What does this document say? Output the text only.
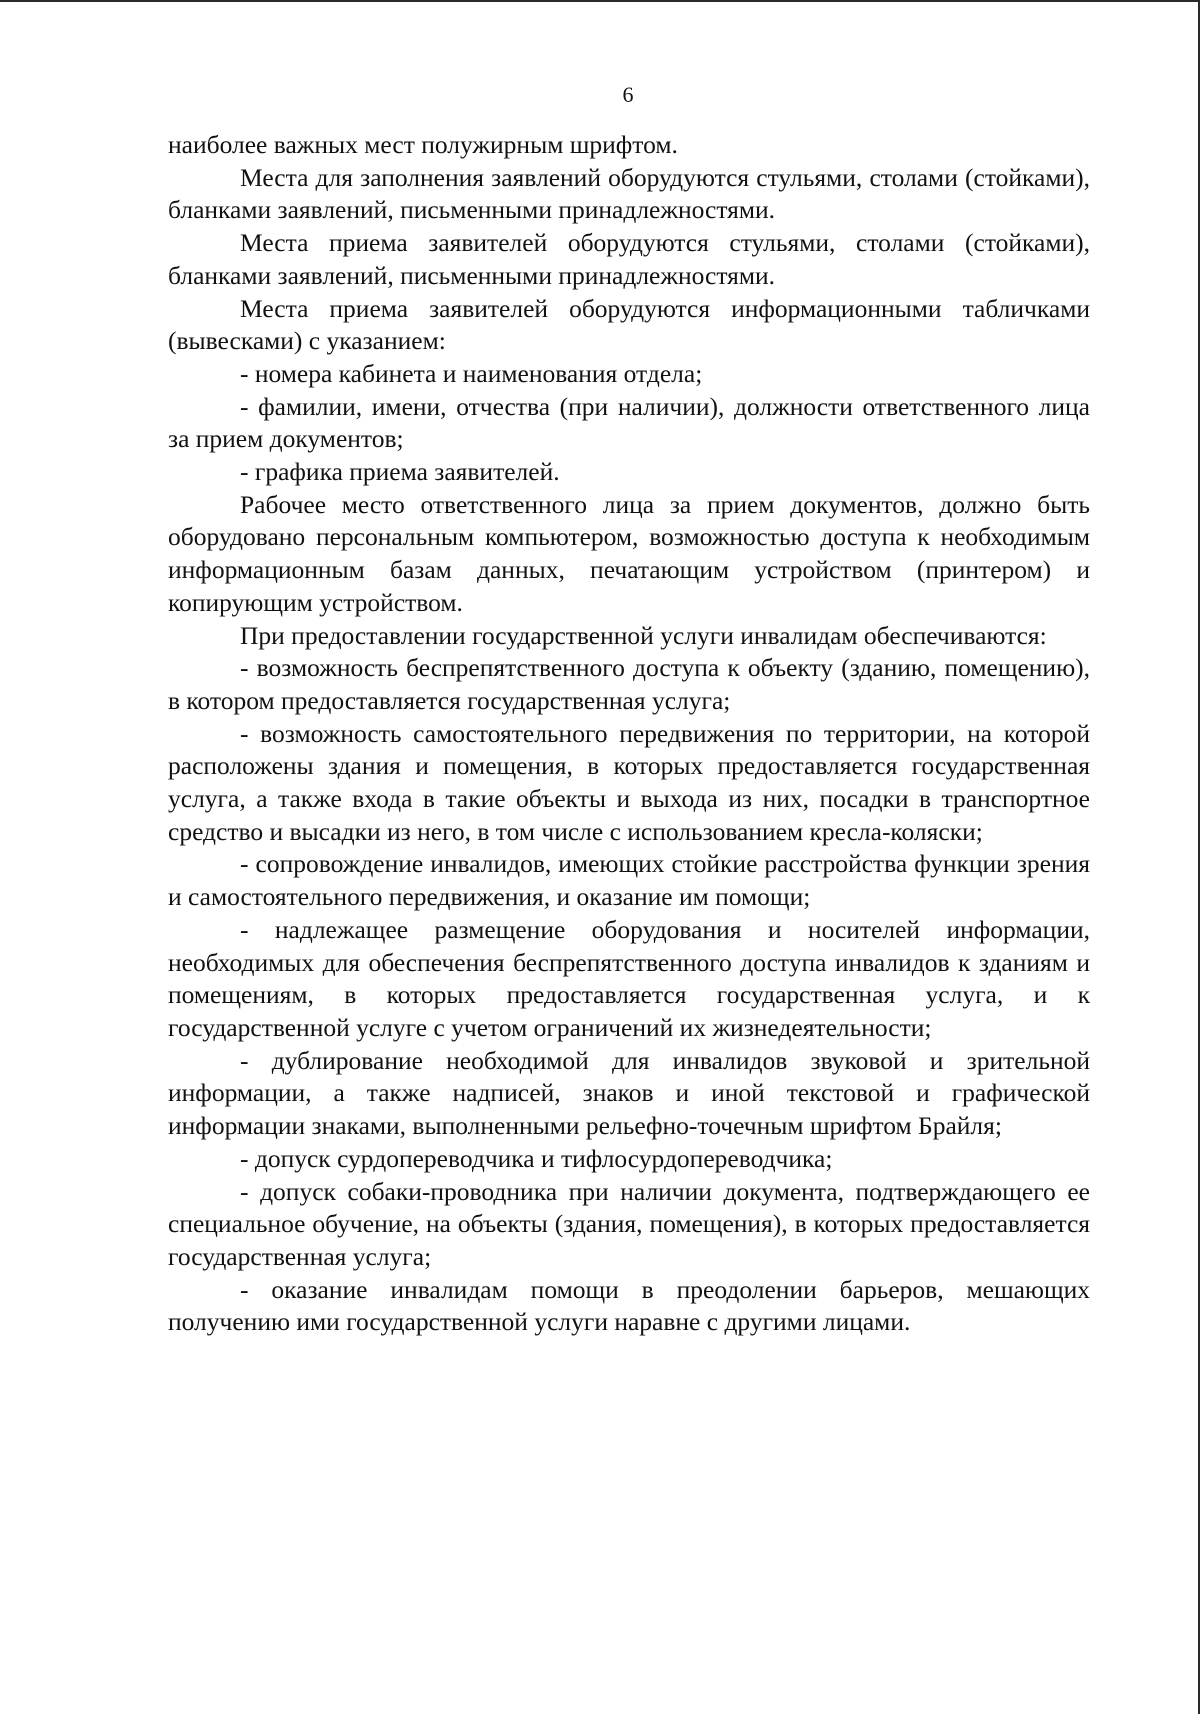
6

наиболее важных мест полужирным шрифтом.

Места для заполнения заявлений оборудуются стульями, столами (стойками), бланками заявлений, письменными принадлежностями.

Места приема заявителей оборудуются стульями, столами (стойками), бланками заявлений, письменными принадлежностями.

Места приема заявителей оборудуются информационными табличками (вывесками) с указанием:

- номера кабинета и наименования отдела;

- фамилии, имени, отчества (при наличии), должности ответственного лица за прием документов;

- графика приема заявителей.

Рабочее место ответственного лица за прием документов, должно быть оборудовано персональным компьютером, возможностью доступа к необходимым информационным базам данных, печатающим устройством (принтером) и копирующим устройством.

При предоставлении государственной услуги инвалидам обеспечиваются:

- возможность беспрепятственного доступа к объекту (зданию, помещению), в котором предоставляется государственная услуга;

- возможность самостоятельного передвижения по территории, на которой расположены здания и помещения, в которых предоставляется государственная услуга, а также входа в такие объекты и выхода из них, посадки в транспортное средство и высадки из него, в том числе с использованием кресла-коляски;

- сопровождение инвалидов, имеющих стойкие расстройства функции зрения и самостоятельного передвижения, и оказание им помощи;

- надлежащее размещение оборудования и носителей информации, необходимых для обеспечения беспрепятственного доступа инвалидов к зданиям и помещениям, в которых предоставляется государственная услуга, и к государственной услуге с учетом ограничений их жизнедеятельности;

- дублирование необходимой для инвалидов звуковой и зрительной информации, а также надписей, знаков и иной текстовой и графической информации знаками, выполненными рельефно-точечным шрифтом Брайля;

- допуск сурдопереводчика и тифлосурдопереводчика;

- допуск собаки-проводника при наличии документа, подтверждающего ее специальное обучение, на объекты (здания, помещения), в которых предоставляется государственная услуга;

- оказание инвалидам помощи в преодолении барьеров, мешающих получению ими государственной услуги наравне с другими лицами.
